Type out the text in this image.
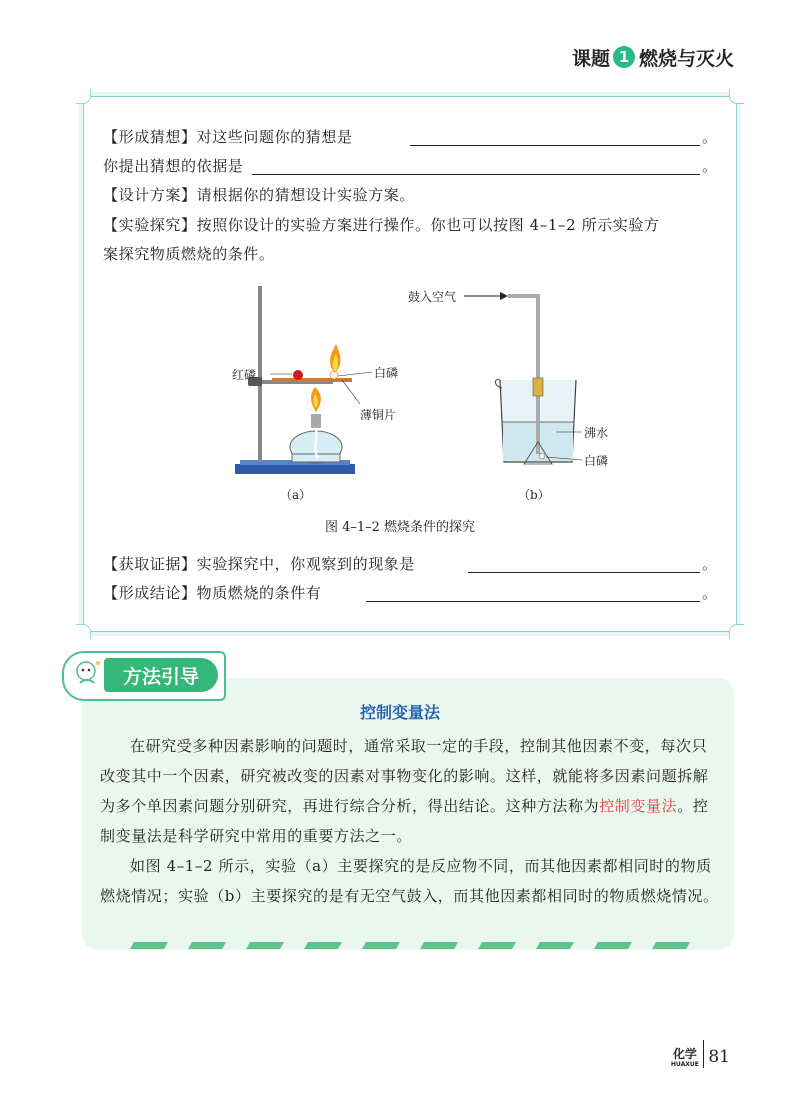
课题 1 燃烧与灭火
【形成猜想】对这些问题你的猜想是	。
你提出猜想的依据是	。
【设计方案】请根据你的猜想设计实验方案。
【实验探究】按照你设计的实验方案进行操作。你也可以按图 4–1–2 所示实验方
案探究物质燃烧的条件。
红磷	白磷
薄铜片
鼓入空气
沸水
白磷
（a）	（b）
图 4–1–2 燃烧条件的探究
【获取证据】实验探究中，你观察到的现象是	。
【形成结论】物质燃烧的条件有	。
方法引导
控制变量法
在研究受多种因素影响的问题时，通常采取一定的手段，控制其他因素不变，每次只改变其中一个因素，研究被改变的因素对事物变化的影响。这样，就能将多因素问题拆解为多个单因素问题分别研究，再进行综合分析，得出结论。这种方法称为控制变量法。控制变量法是科学研究中常用的重要方法之一。
如图 4–1–2 所示，实验（a）主要探究的是反应物不同，而其他因素都相同时的物质燃烧情况；实验（b）主要探究的是有无空气鼓入，而其他因素都相同时的物质燃烧情况。
化学
HUAXUE 81
